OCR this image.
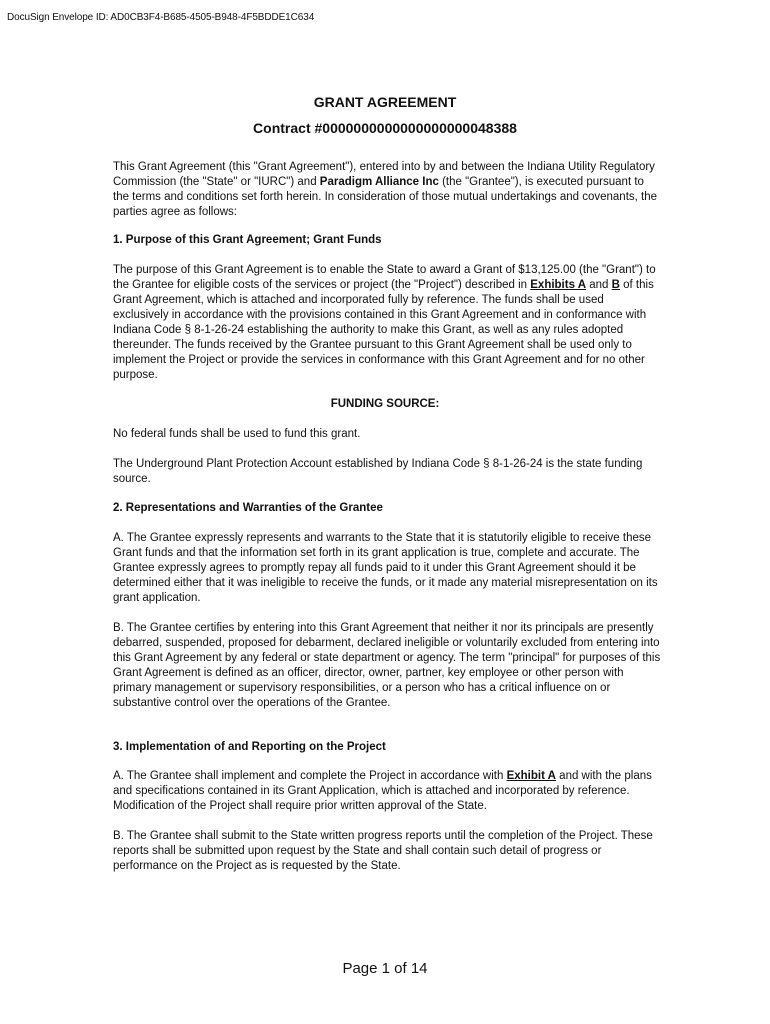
DocuSign Envelope ID: AD0CB3F4-B685-4505-B948-4F5BDDE1C634
GRANT AGREEMENT
Contract #0000000000000000000048388

This Grant Agreement (this "Grant Agreement"), entered into by and between the Indiana Utility Regulatory Commission (the "State" or "IURC") and Paradigm Alliance Inc (the "Grantee"), is executed pursuant to the terms and conditions set forth herein. In consideration of those mutual undertakings and covenants, the parties agree as follows:

1. Purpose of this Grant Agreement; Grant Funds

The purpose of this Grant Agreement is to enable the State to award a Grant of $13,125.00 (the "Grant") to the Grantee for eligible costs of the services or project (the "Project") described in Exhibits A and B of this Grant Agreement, which is attached and incorporated fully by reference. The funds shall be used exclusively in accordance with the provisions contained in this Grant Agreement and in conformance with Indiana Code § 8-1-26-24 establishing the authority to make this Grant, as well as any rules adopted thereunder. The funds received by the Grantee pursuant to this Grant Agreement shall be used only to implement the Project or provide the services in conformance with this Grant Agreement and for no other purpose.

FUNDING SOURCE:

No federal funds shall be used to fund this grant.

The Underground Plant Protection Account established by Indiana Code § 8-1-26-24 is the state funding source.

2. Representations and Warranties of the Grantee

A. The Grantee expressly represents and warrants to the State that it is statutorily eligible to receive these Grant funds and that the information set forth in its grant application is true, complete and accurate. The Grantee expressly agrees to promptly repay all funds paid to it under this Grant Agreement should it be determined either that it was ineligible to receive the funds, or it made any material misrepresentation on its grant application.

B. The Grantee certifies by entering into this Grant Agreement that neither it nor its principals are presently debarred, suspended, proposed for debarment, declared ineligible or voluntarily excluded from entering into this Grant Agreement by any federal or state department or agency. The term "principal" for purposes of this Grant Agreement is defined as an officer, director, owner, partner, key employee or other person with primary management or supervisory responsibilities, or a person who has a critical influence on or substantive control over the operations of the Grantee.

3. Implementation of and Reporting on the Project

A. The Grantee shall implement and complete the Project in accordance with Exhibit A and with the plans and specifications contained in its Grant Application, which is attached and incorporated by reference. Modification of the Project shall require prior written approval of the State.

B. The Grantee shall submit to the State written progress reports until the completion of the Project. These reports shall be submitted upon request by the State and shall contain such detail of progress or performance on the Project as is requested by the State.

Page 1 of 14
